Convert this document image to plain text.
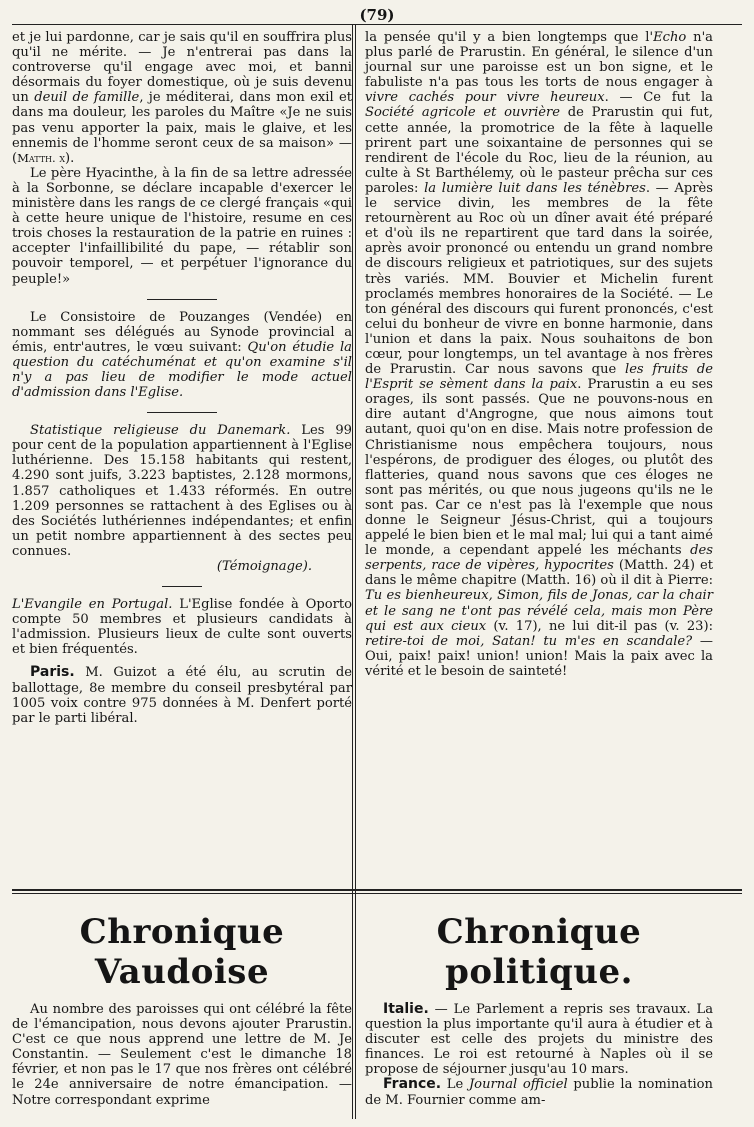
(79)

et je lui pardonne, car je sais qu'il en souffrira plus qu'il ne mérite. — Je n'entrerai pas dans la controverse qu'il engage avec moi, et banni désormais du foyer domestique, où je suis devenu un deuil de famille, je méditerai, dans mon exil et dans ma douleur, les paroles du Maître «Je ne suis pas venu apporter la paix, mais le glaive, et les ennemis de l'homme seront ceux de sa maison» — (Matth. x).

Le père Hyacinthe, à la fin de sa lettre adressée à la Sorbonne, se déclare incapable d'exercer le ministère dans les rangs de ce clergé français «qui à cette heure unique de l'histoire, resume en ces trois choses la restauration de la patrie en ruines : accepter l'infaillibilité du pape, — rétablir son pouvoir temporel, — et perpétuer l'ignorance du peuple!»

Le Consistoire de Pouzanges (Vendée) en nommant ses délégués au Synode provincial a émis, entr'autres, le vœu suivant: Qu'on étudie la question du catéchuménat et qu'on examine s'il n'y a pas lieu de modifier le mode actuel d'admission dans l'Eglise.

Statistique religieuse du Danemark. Les 99 pour cent de la population appartiennent à l'Eglise luthérienne. Des 15.158 habitants qui restent, 4.290 sont juifs, 3.223 baptistes, 2.128 mormons, 1.857 catholiques et 1.433 réformés. En outre 1.209 personnes se rattachent à des Eglises ou à des Sociétés luthériennes indépendantes; et enfin un petit nombre appartiennent à des sectes peu connues.

(Témoignage).

L'Evangile en Portugal. L'Eglise fondée à Oporto compte 50 membres et plusieurs candidats à l'admission. Plusieurs lieux de culte sont ouverts et bien fréquentés.

Paris. M. Guizot a été élu, au scrutin de ballottage, 8e membre du conseil presbytéral par 1005 voix contre 975 données à M. Denfert porté par le parti libéral.

la pensée qu'il y a bien longtemps que l'Echo n'a plus parlé de Prarustin. En général, le silence d'un journal sur une paroisse est un bon signe, et le fabuliste n'a pas tous les torts de nous engager à vivre cachés pour vivre heureux. — Ce fut la Société agricole et ouvrière de Prarustin qui fut, cette année, la promotrice de la fête à laquelle prirent part une soixantaine de personnes qui se rendirent de l'école du Roc, lieu de la réunion, au culte à St Barthélemy, où le pasteur prêcha sur ces paroles: la lumière luit dans les ténèbres. — Après le service divin, les membres de la fête retournèrent au Roc où un dîner avait été préparé et d'où ils ne repartirent que tard dans la soirée, après avoir prononcé ou entendu un grand nombre de discours religieux et patriotiques, sur des sujets très variés. MM. Bouvier et Michelin furent proclamés membres honoraires de la Société. — Le ton général des discours qui furent prononcés, c'est celui du bonheur de vivre en bonne harmonie, dans l'union et dans la paix. Nous souhaitons de bon cœur, pour longtemps, un tel avantage à nos frères de Prarustin. Car nous savons que les fruits de l'Esprit se sèment dans la paix. Prarustin a eu ses orages, ils sont passés. Que ne pouvons-nous en dire autant d'Angrogne, que nous aimons tout autant, quoi qu'on en dise. Mais notre profession de Christianisme nous empêchera toujours, nous l'espérons, de prodiguer des éloges, ou plutôt des flatteries, quand nous savons que ces éloges ne sont pas mérités, ou que nous jugeons qu'ils ne le sont pas. Car ce n'est pas là l'exemple que nous donne le Seigneur Jésus-Christ, qui a toujours appelé le bien bien et le mal mal; lui qui a tant aimé le monde, a cependant appelé les méchants des serpents, race de vipères, hypocrites (Matth. 24) et dans le même chapitre (Matth. 16) où il dit à Pierre: Tu es bienheureux, Simon, fils de Jonas, car la chair et le sang ne t'ont pas révélé cela, mais mon Père qui est aux cieux (v. 17), ne lui dit-il pas (v. 23): retire-toi de moi, Satan! tu m'es en scandale? — Oui, paix! paix! union! union! Mais la paix avec la vérité et le besoin de sainteté!

Chronique Vaudoise

Au nombre des paroisses qui ont célébré la fête de l'émancipation, nous devons ajouter Prarustin. C'est ce que nous apprend une lettre de M. Je Constantin. — Seulement c'est le dimanche 18 février, et non pas le 17 que nos frères ont célébré le 24e anniversaire de notre émancipation. — Notre correspondant exprime

Chronique politique.

Italie. — Le Parlement a repris ses travaux. La question la plus importante qu'il aura à étudier et à discuter est celle des projets du ministre des finances. Le roi est retourné à Naples où il se propose de séjourner jusqu'au 10 mars.

France. Le Journal officiel publie la nomination de M. Fournier comme am-
